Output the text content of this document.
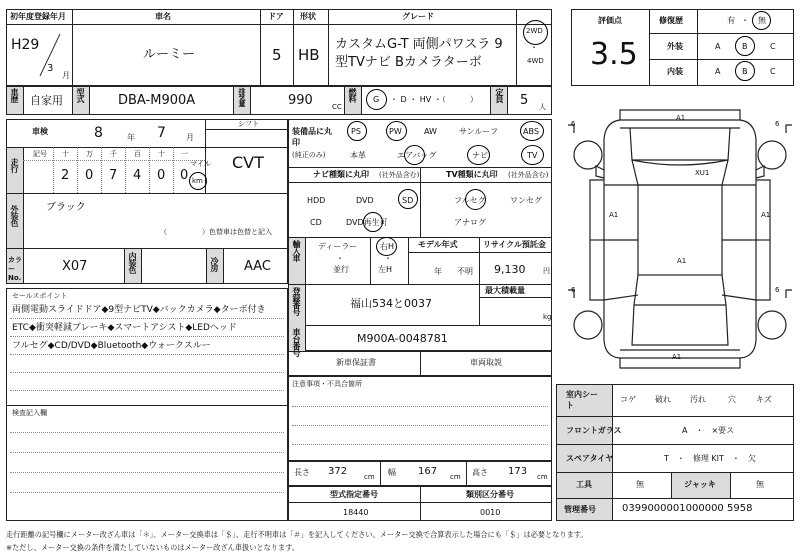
初年度登録年月
H29
3
月
車名
ルーミー
ドア
5
形状
HB
グレード
カスタムG-T 両側パワスラ 9
型TVナビ Bカメラターボ
2WD
・
4WD
評価点
3.5
修復歴	有 ・ 無
外装	A	B	C
内装	A	B	C
車歴 自家用 型式	DBA-M900A	排気量	990	CC
燃料 G ・ D ・ HV ・（　　　） 定員 5 人
車検	8	年 7	月
シフト
CVT
走行
記号 十 万 千 百 十 一
2 0 7 4 0 0
マイル
km
外装色	ブラック
（　　　　　）色替車は色替と記入
カラーNo.
X07	内装色	冷房 AAC
装備品に丸印
(純正のみ)
PS	PW	AW	サンルーフ	ABS
本革	エアバッグ	ナビ	TV
ナビ種類に丸印 (社外品含む)
HDD	DVD	SD
CD	DVD再生可
TV種類に丸印 (社外品含む)
フルセグ	ワンセグ
アナログ
輸入車 ディーラー
・
並行
右H
・
左H
モデル年式
年 不明
リサイクル預託金
9,130	円
登録番号	福山534と0037
最大積載量
kg
車台番号	M900A-0048781
新車保証書	車両取説
注意事項・不具合箇所
長さ 372 cm 幅 167 cm 高さ 173 cm
型式指定番号
18440
類別区分番号
0010
セールスポイント
両側電動スライドドア◆9型ナビTV◆バックカメラ◆ターボ付き
ETC◆衝突軽減ブレーキ◆スマートアシスト◆LEDヘッド
フルセグ◆CD/DVD◆Bluetooth◆ウォークスルー
検査記入欄
6
A1
A1	A1
A1
XU1
A1
6
6	6
室内シート
コゲ 破れ 汚れ	穴	キズ
フロントガラス	A　・　×要ス
スペアタイヤ	T　・　修理 KIT　・　欠
工具	無	ジャッキ	無
管理番号	0399000001000000 5958
走行距離の記号欄にメーター改ざん車は「＊」、メーター交換車は「＄」、走行不明車は「＃」を記入してください。メーター交換で合算表示した場合にも「＄」は必要となります。
※ただし、メーター交換の条件を満たしていないものはメーター改ざん車扱いとなります。
